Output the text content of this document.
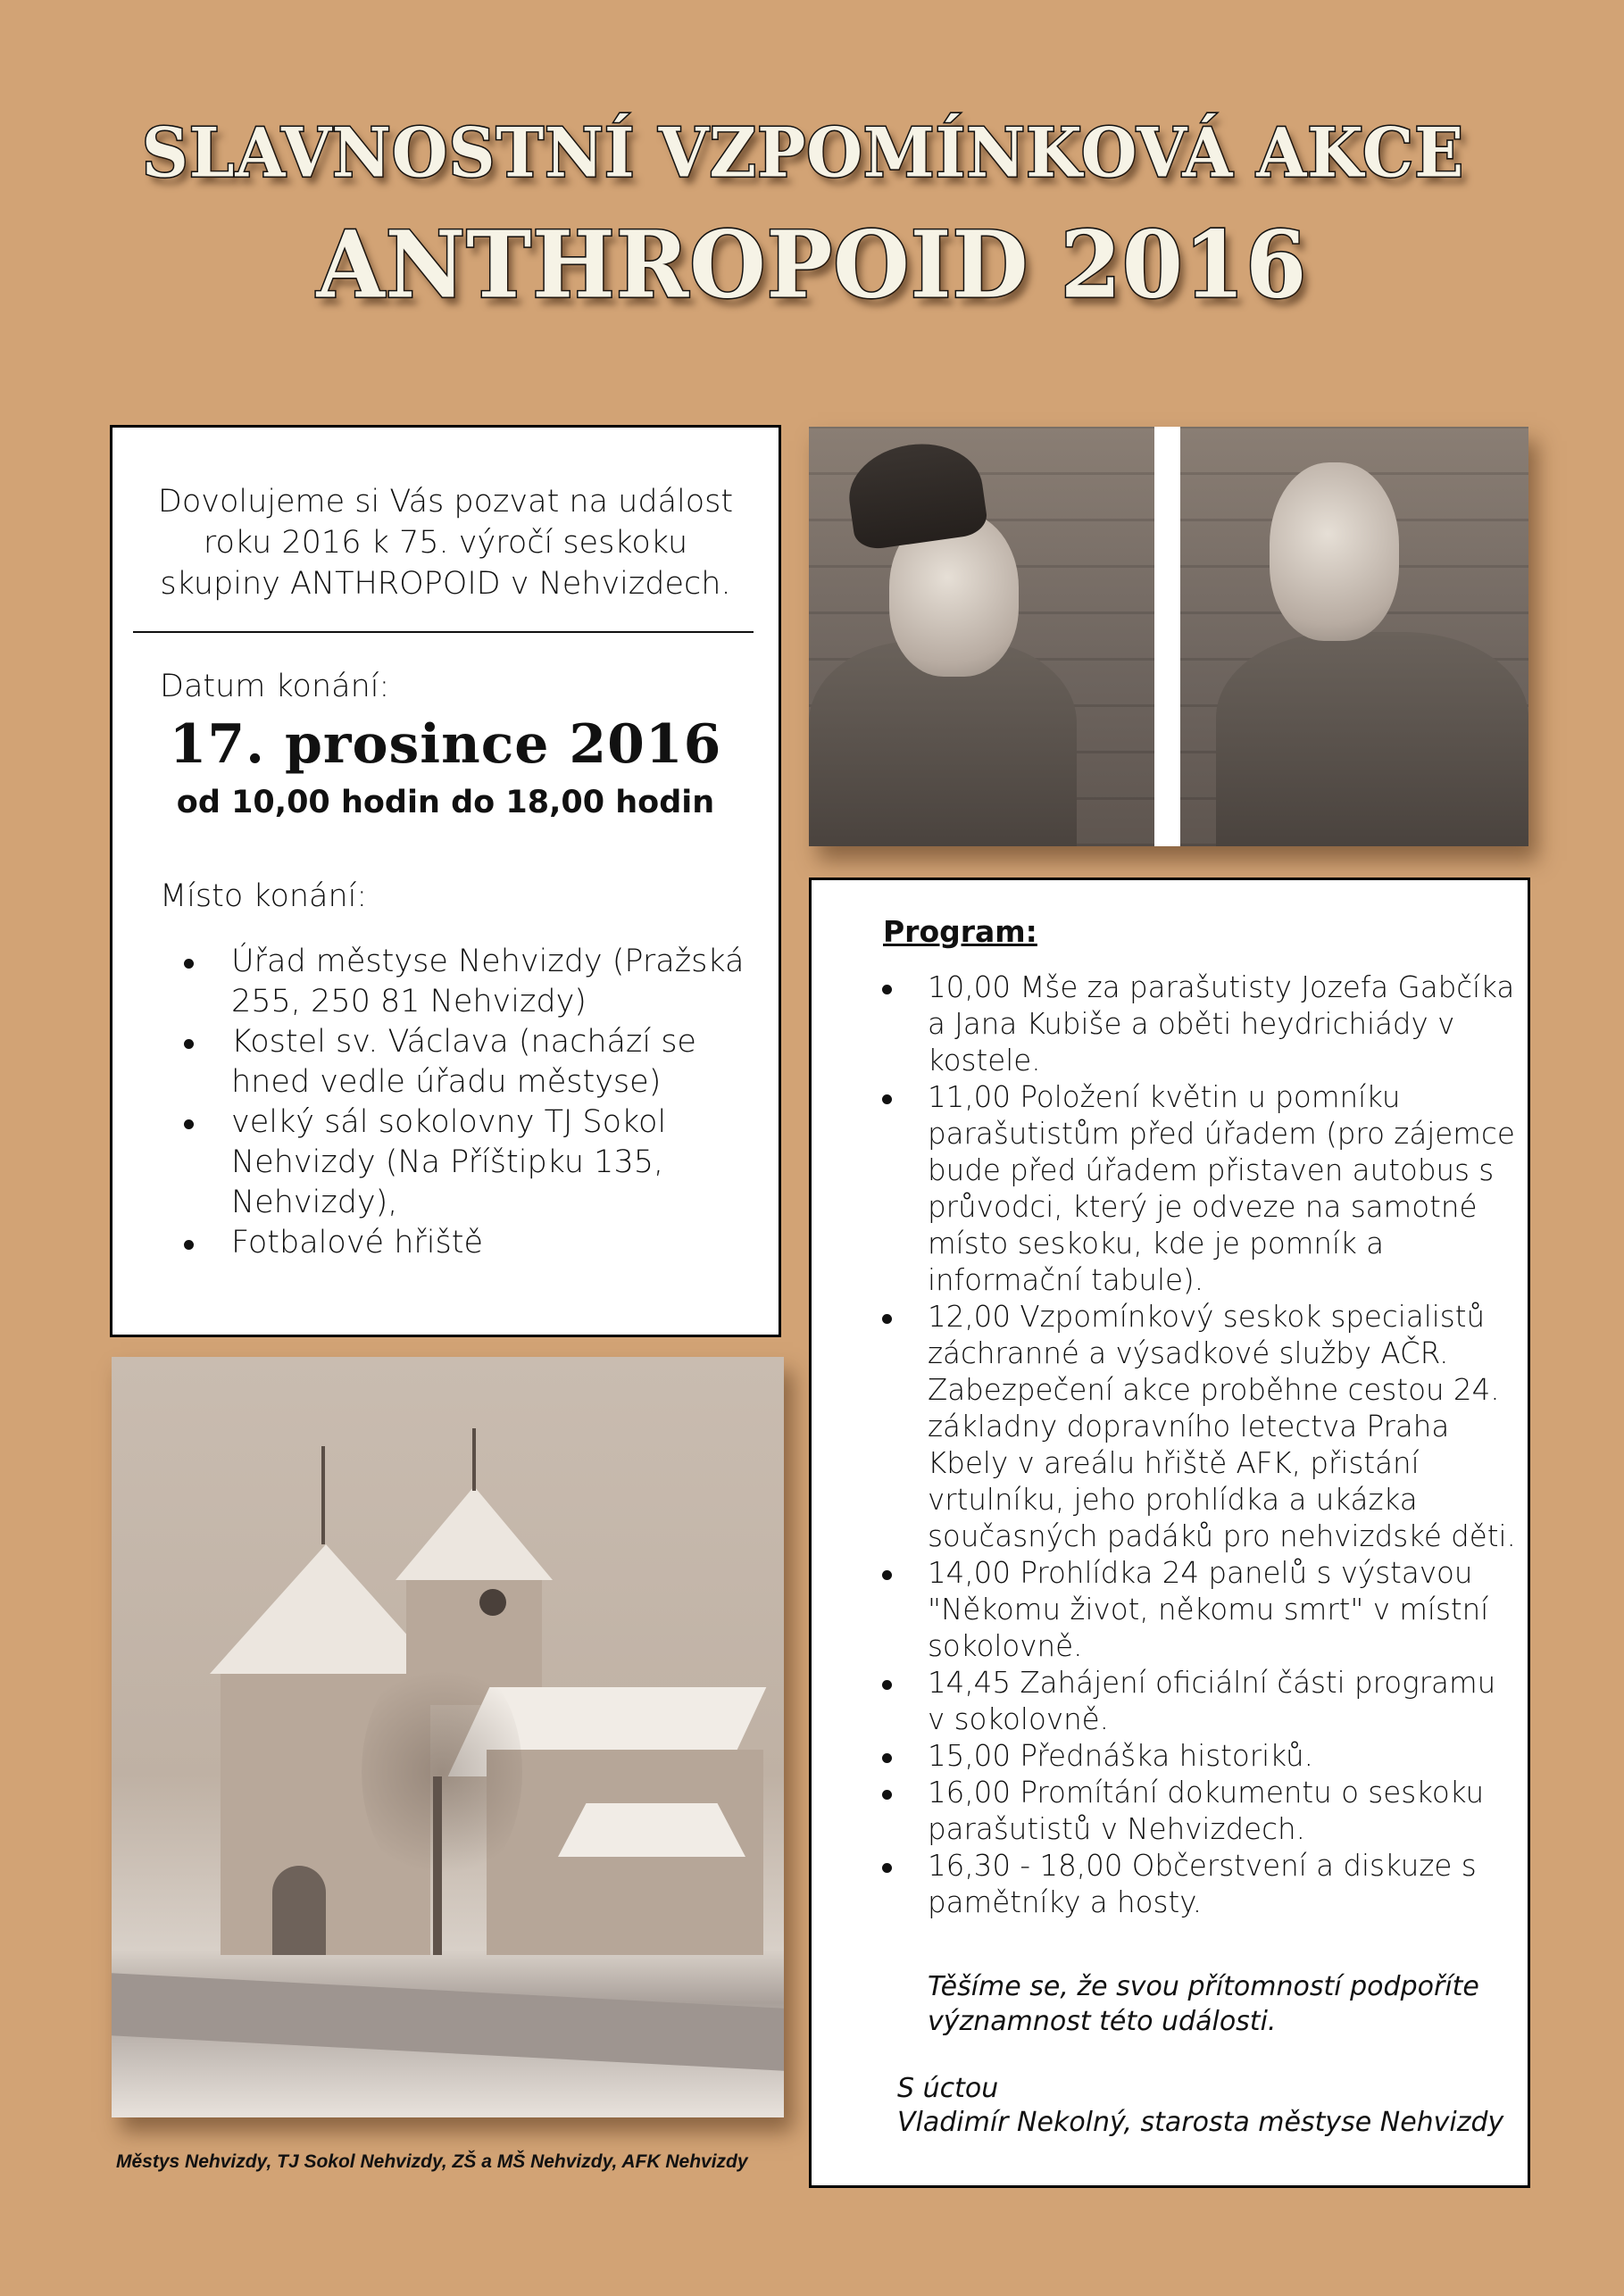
SLAVNOSTNÍ VZPOMÍNKOVÁ AKCE
ANTHROPOID 2016
Dovolujeme si Vás pozvat na událost roku 2016 k 75. výročí seskoku skupiny ANTHROPOID v Nehvizdech.
Datum konání:
17. prosince 2016
od 10,00 hodin do 18,00 hodin
Místo konání:
Úřad městyse Nehvizdy (Pražská 255, 250 81 Nehvizdy)
Kostel sv. Václava (nachází se hned vedle úřadu městyse)
velký sál sokolovny TJ Sokol Nehvizdy (Na Příštipku 135, Nehvizdy),
Fotbalové hřiště
Městys Nehvizdy, TJ Sokol Nehvizdy, ZŠ a MŠ Nehvizdy, AFK Nehvizdy
Program:
10,00 Mše za parašutisty Jozefa Gabčíka a Jana Kubiše a oběti heydrichiády v kostele.
11,00 Položení květin u pomníku parašutistům před úřadem (pro zájemce bude před úřadem přistaven autobus s průvodci, který je odveze na samotné místo seskoku, kde je pomník a informační tabule).
12,00 Vzpomínkový seskok specialistů záchranné a výsadkové služby AČR. Zabezpečení akce proběhne cestou 24. základny dopravního letectva Praha Kbely v areálu hřiště AFK, přistání vrtulníku, jeho prohlídka a ukázka současných padáků pro nehvizdské děti.
14,00 Prohlídka 24 panelů s výstavou "Někomu život, někomu smrt" v místní sokolovně.
14,45 Zahájení oficiální části programu v sokolovně.
15,00 Přednáška historiků.
16,00 Promítání dokumentu o seskoku parašutistů v Nehvizdech.
16,30 - 18,00 Občerstvení a diskuze s pamětníky a hosty.
Těšíme se, že svou přítomností podpoříte významnost této události.
S úctou
Vladimír Nekolný, starosta městyse Nehvizdy
